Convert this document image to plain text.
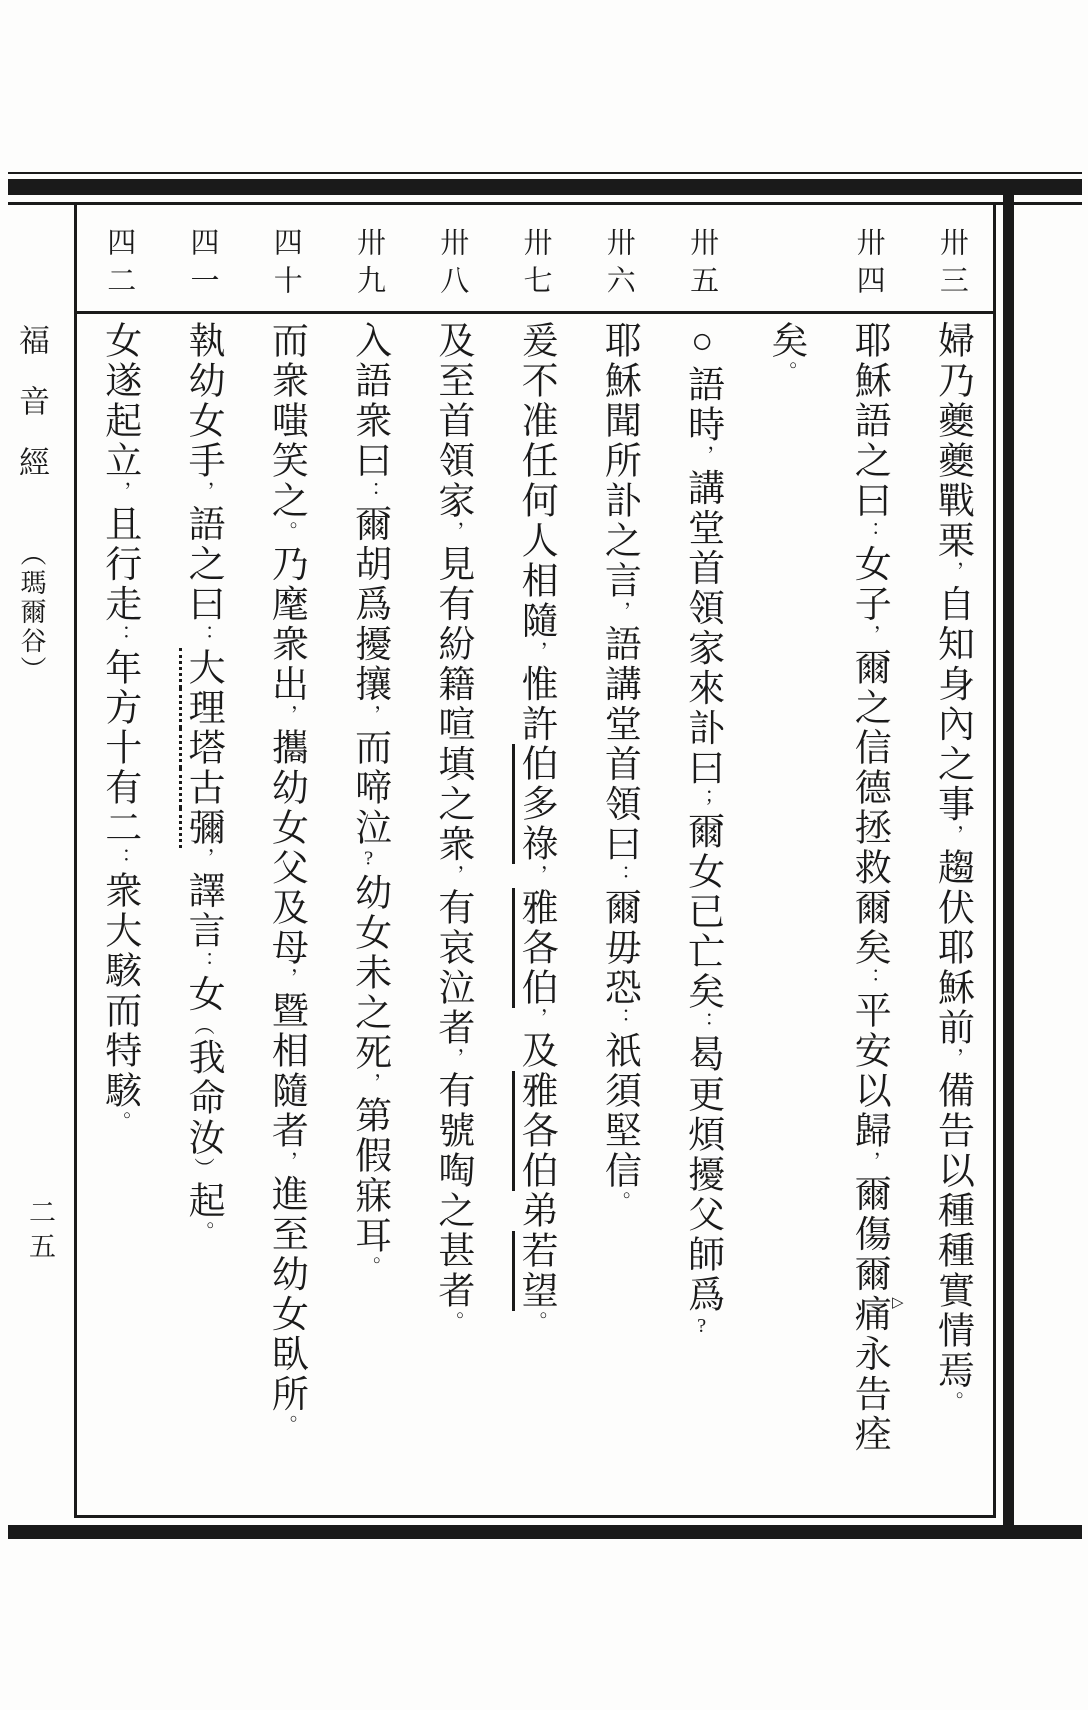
福音經 （瑪爾谷）
二五
卅三
婦乃夔夔戰栗，自知身內之事，趨伏耶穌前，備告以種種實情焉。
卅四
耶穌語之曰：女子，爾之信德拯救爾矣：平安以歸，爾傷爾痛永告痊
矣。
卅五
○語時，講堂首領家來訃曰；爾女已亡矣：曷更煩擾父師爲?
卅六
耶穌聞所訃之言，語講堂首領曰：爾毋恐：祇須堅信。
卅七
爰不准任何人相隨，惟許伯多祿，雅各伯，及雅各伯弟若望。
卅八
及至首領家，見有紛籍喧填之衆，有哀泣者，有號啕之甚者。
卅九
入語衆曰：爾胡爲擾攘，而啼泣?幼女未之死，第假寐耳。
四十
而衆嗤笑之。乃麾衆出，攜幼女父及母，暨相隨者，進至幼女臥所。
四一
執幼女手，語之曰：大理塔古彌，譯言：女（我命汝）起。
四二
女遂起立，且行走：年方十有二：衆大駭而特駭。
▷
